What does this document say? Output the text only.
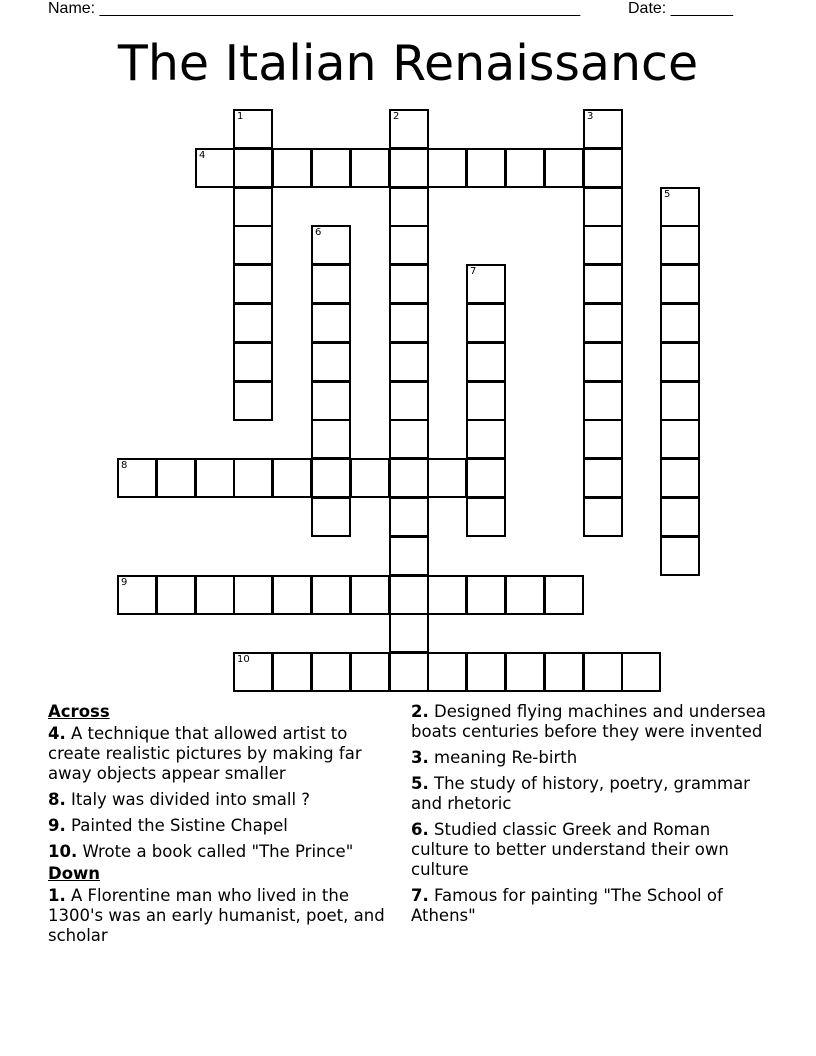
Name: ______________________________________________________	Date: _______
The Italian Renaissance
4
8
9
10
1	2	3
5
6
7
Across
4. A technique that allowed artist to create realistic pictures by making far away objects appear smaller
8. Italy was divided into small ?
9. Painted the Sistine Chapel
10. Wrote a book called "The Prince"
Down
1. A Florentine man who lived in the 1300's was an early humanist, poet, and scholar
2. Designed flying machines and undersea boats centuries before they were invented
3. meaning Re-birth
5. The study of history, poetry, grammar and rhetoric
6. Studied classic Greek and Roman culture to better understand their own culture
7. Famous for painting "The School of Athens"
